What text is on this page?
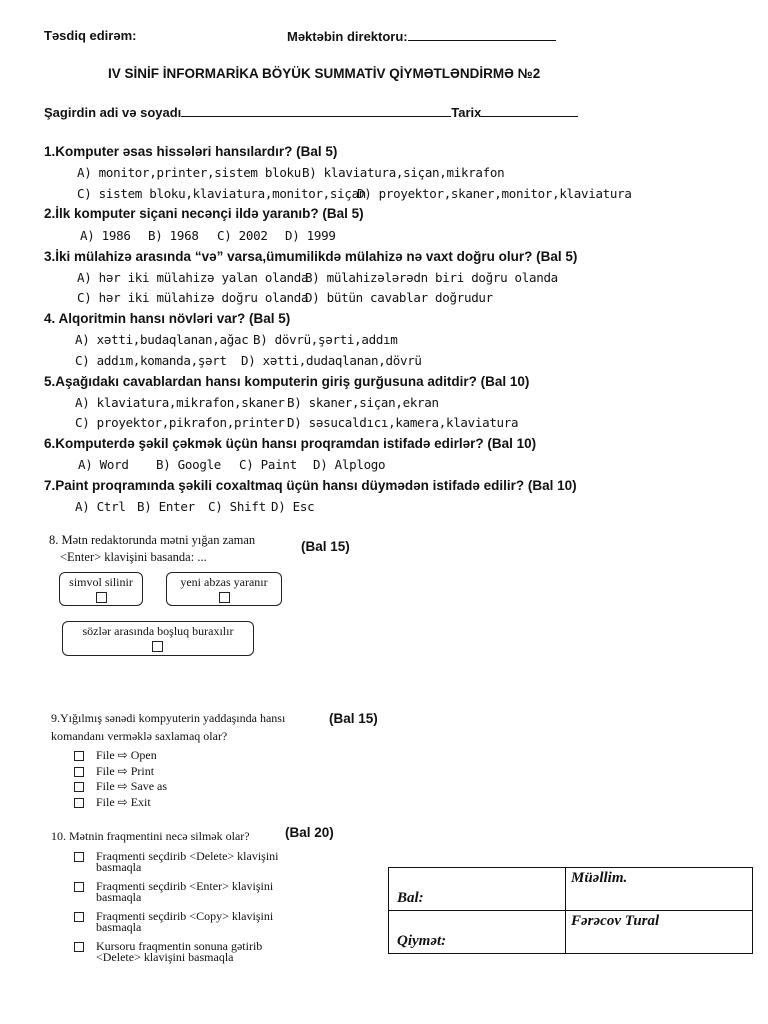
Təsdiq edirəm:	Məktəbin direktoru:
IV SİNİF İNFORMARİKA BÖYÜK SUMMATİV QİYMƏTLƏNDİRMƏ №2
Şagirdin adi və soyadı	Tarix
1.Komputer əsas hissələri hansılardır? (Bal 5)
A) monitor,printer,sistem bloku B) klaviatura,siçan,mikrafon
C) sistem bloku,klaviatura,monitor,siçan
D) proyektor,skaner,monitor,klaviatura
2.İlk komputer siçani necənçi ildə yaranıb? (Bal 5)
A) 1986 B) 1968 C) 2002 D) 1999
3.İki mülahizə arasında “və” varsa,ümumilikdə mülahizə nə vaxt doğru olur? (Bal 5)
A) hər iki mülahizə yalan olanda
B) mülahizələrədn biri doğru olanda
C) hər iki mülahizə doğru olanda
D) bütün cavablar doğrudur
4. Alqoritmin hansı növləri var? (Bal 5)
A) xətti,budaqlanan,ağac B) dövrü,şərti,addım
C) addım,komanda,şərt D) xətti,dudaqlanan,dövrü
5.Aşağıdakı cavablardan hansı komputerin giriş gurğusuna aditdir? (Bal 10)
A) klaviatura,mikrafon,skaner B) skaner,siçan,ekran
C) proyektor,pikrafon,printer D) səsucaldıcı,kamera,klaviatura
6.Komputerdə şəkil çəkmək üçün hansı proqramdan istifadə edirlər? (Bal 10)
A) Word B) Google C) Paint D) Alplogo
7.Paint proqramında şəkili coxaltmaq üçün hansı düymədən istifadə edilir? (Bal 10)
A) Ctrl B) Enter C) Shift D) Esc
8. Mətn redaktorunda mətni yığan zaman
<Enter> klavişini basanda: ...
(Bal 15)
simvol silinir	yeni abzas yaranır
sözlər arasında boşluq buraxılır
9.Yığılmış sənədi kompyuterin yaddaşında hansı
komandanı verməklə saxlamaq olar?
(Bal 15)
File ⇨ Open
File ⇨ Print
File ⇨ Save as
File ⇨ Exit
10. Mətnin fraqmentini necə silmək olar?	(Bal 20)
Fraqmenti seçdirib <Delete> klavişini
basmaqla
Fraqmenti seçdirib <Enter> klavişini
basmaqla
Fraqmenti seçdirib <Copy> klavişini
basmaqla
Kursoru fraqmentin sonuna gətirib
<Delete> klavişini basmaqla
Bal:	Müəllim.

Qiymət:	Fərəcov Tural
